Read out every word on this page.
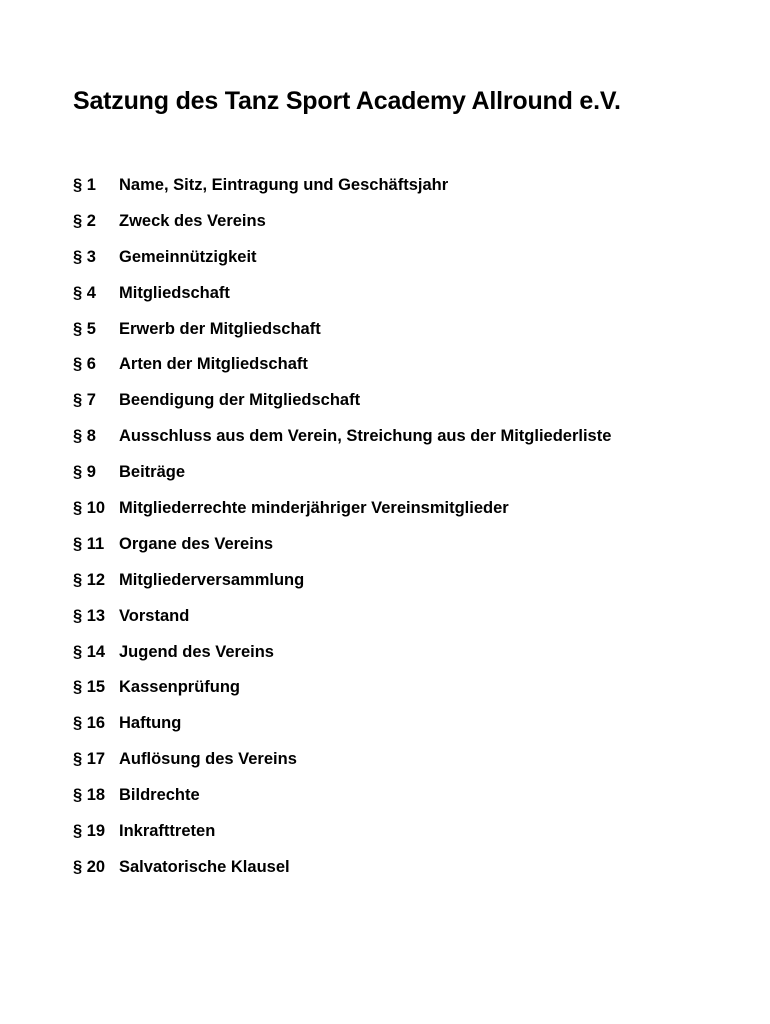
Satzung des Tanz Sport Academy Allround e.V.
§ 1	Name, Sitz, Eintragung und Geschäftsjahr
§ 2	Zweck des Vereins
§ 3	Gemeinnützigkeit
§ 4	Mitgliedschaft
§ 5	Erwerb der Mitgliedschaft
§ 6	Arten der Mitgliedschaft
§ 7	Beendigung der Mitgliedschaft
§ 8	Ausschluss aus dem Verein, Streichung aus der Mitgliederliste
§ 9	Beiträge
§ 10 Mitgliederrechte minderjähriger Vereinsmitglieder
§ 11 Organe des Vereins
§ 12 Mitgliederversammlung
§ 13 Vorstand
§ 14 Jugend des Vereins
§ 15 Kassenprüfung
§ 16 Haftung
§ 17 Auflösung des Vereins
§ 18 Bildrechte
§ 19 Inkrafttreten
§ 20 Salvatorische Klausel
